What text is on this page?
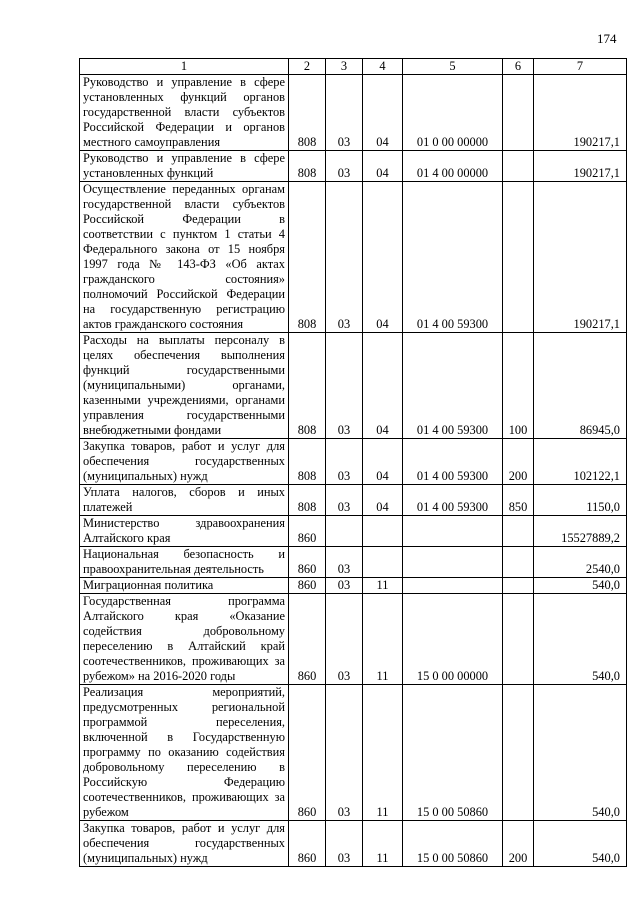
174
1	2	3	4	5	6	7
Руководство и управление в сфере установленных функций органов государственной власти субъектов Российской Федерации и органов местного самоуправления	808	03	04	01 0 00 00000		190217,1
Руководство и управление в сфере установленных функций	808	03	04	01 4 00 00000		190217,1
Осуществление переданных органам государственной власти субъектов Российской Федерации в соответствии с пунктом 1 статьи 4 Федерального закона от 15 ноября 1997 года № 143-ФЗ «Об актах гражданского состояния» полномочий Российской Федерации на государственную регистрацию актов гражданского состояния	808	03	04	01 4 00 59300		190217,1
Расходы на выплаты персоналу в целях обеспечения выполнения функций государственными (муниципальными) органами, казенными учреждениями, органами управления государственными внебюджетными фондами	808	03	04	01 4 00 59300	100	86945,0
Закупка товаров, работ и услуг для обеспечения государственных (муниципальных) нужд	808	03	04	01 4 00 59300	200	102122,1
Уплата налогов, сборов и иных платежей	808	03	04	01 4 00 59300	850	1150,0
Министерство здравоохранения Алтайского края	860					15527889,2
Национальная безопасность и правоохранительная деятельность	860	03				2540,0
Миграционная политика	860	03	11			540,0
Государственная программа Алтайского края «Оказание содействия добровольному переселению в Алтайский край соотечественников, проживающих за рубежом» на 2016-2020 годы	860	03	11	15 0 00 00000		540,0
Реализация мероприятий, предусмотренных региональной программой переселения, включенной в Государственную программу по оказанию содействия добровольному переселению в Российскую Федерацию соотечественников, проживающих за рубежом	860	03	11	15 0 00 50860		540,0
Закупка товаров, работ и услуг для обеспечения государственных (муниципальных) нужд	860	03	11	15 0 00 50860	200	540,0
